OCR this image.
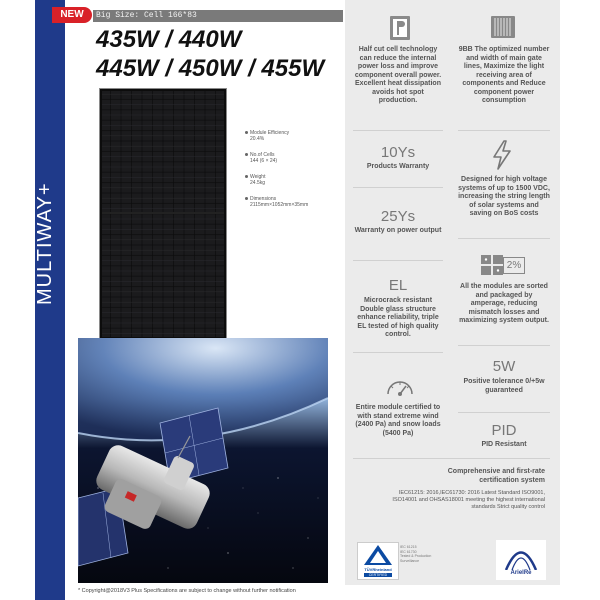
MULTIWAY+
NEW	Big Size: Cell 166*83
435W / 440W
445W / 450W / 455W
Module Efficiency
20.4%
No.of Cells
144 (6 × 24)
Weight
24.5kg
Dimensions
2115mm×1052mm×35mm
Half cut cell technology can reduce the internal power loss and improve component overall power. Excellent heat dissipation avoids hot spot production.
9BB The optimized number and width of main gate lines, Maximize the light receiving area of components and Reduce component power consumption
10Ys
Products Warranty
Designed for high voltage systems of up to 1500 VDC, increasing the string length of solar systems and saving on BoS costs
25Ys
Warranty on power output
2%
All the modules are sorted and packaged by amperage, reducing mismatch losses and maximizing system output.
EL
Microcrack resistant Double glass structure enhance reliability, triple EL tested of high quality control.
5W
Positive tolerance 0/+5w guaranteed
Entire module certified to with stand extreme wind (2400 Pa) and snow loads (5400 Pa)	PID
PID Resistant
Comprehensive and first-rate certification system
IEC61215: 2016,IEC61730: 2016 Latest Standard ISO9001, ISO14001 and OHSAS18001 meeting the highest international standards Strict quality control
TÜVRheinland
CERTIFIED
IEC 61215
IEC 61730
Tested & Production
Surveillance
ArielRe
* Copyright@2018V3 Plus Specifications are subject to change without further notification
